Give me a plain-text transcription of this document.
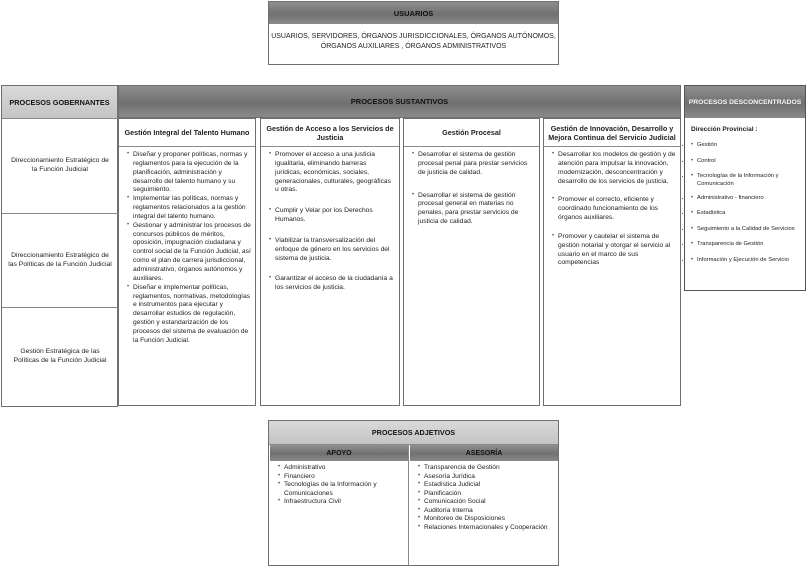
USUARIOS
USUARIOS, SERVIDORES, ÓRGANOS JURISDICCIONALES, ÓRGANOS AUTÓNOMOS,
ÓRGANOS AUXILIARES , ÓRGANOS ADMINISTRATIVOS
PROCESOS GOBERNANTES
Direccionamiento Estratégico de la Función Judicial
Direccionamiento Estratégico de las Políticas de la Función Judicial
Gestión Estratégica de las Políticas de la Función Judicial
PROCESOS SUSTANTIVOS
Gestión Integral del Talento Humano
• Diseñar y proponer políticas, normas y reglamentos para la ejecución de la planificación, administración y desarrollo del talento humano y su seguimiento.
• Implementar las políticas, normas y reglamentos relacionados a la gestión integral del talento humano.
• Gestionar y administrar los procesos de concursos públicos de méritos, oposición, impugnación ciudadana y control social de la Función Judicial, así como el plan de carrera jurisdiccional, administrativo, órganos autónomos y auxiliares.
• Diseñar e implementar políticas, reglamentos, normativas, metodologías e instrumentos para ejecutar y desarrollar estudios de regulación, gestión y estandarización de los procesos del sistema de evaluación de la Función Judicial.
Gestión de Acceso a los Servicios de Justicia
• Promover el acceso a una justicia igualitaria, eliminando barreras jurídicas, económicas, sociales, generacionales, culturales, geográficas u otras.
• Cumplir y Velar por los Derechos Humanos.
• Viabilizar la transversalización del enfoque de género en los servicios del sistema de justicia.
• Garantizar el acceso de la ciudadanía a los servicios de justicia.
Gestión Procesal
• Desarrollar el sistema de gestión procesal penal para prestar servicios de justicia de calidad.
• Desarrollar el sistema de gestión procesal general en materias no penales, para prestar servicios de justicia de calidad.
Gestión de Innovación, Desarrollo y Mejora Continua del Servicio Judicial
• Desarrollar los modelos de gestión y de atención para impulsar la innovación, modernización, desconcentración y desarrollo de los servicios de justicia.
• Promover el correcto, eficiente y coordinado funcionamiento de los órganos auxiliares.
• Promover y cautelar el sistema de gestión notarial y otorgar el servicio al usuario en el marco de sus competencias
PROCESOS DESCONCENTRADOS
Dirección Provincial :
• • Gestión
• • Control
• • Tecnologías de la Información y Comunicación
• • Administrativo - financiero
• • Estadística
• • Seguimiento a la Calidad de Servicios
• • Transparencia de Gestión
• • Información y Ejecución de Servicio
PROCESOS ADJETIVOS
APOYO
• Administrativo
• Financiero
• Tecnologías de la Información y Comunicaciones
• Infraestructura Civil
ASESORÍA
• Transparencia de Gestión
• Asesoría Jurídica
• Estadística Judicial
• Planificación
• Comunicación Social
• Auditoría Interna
• Monitoreo de Disposiciones
• Relaciones Internacionales y Cooperación
